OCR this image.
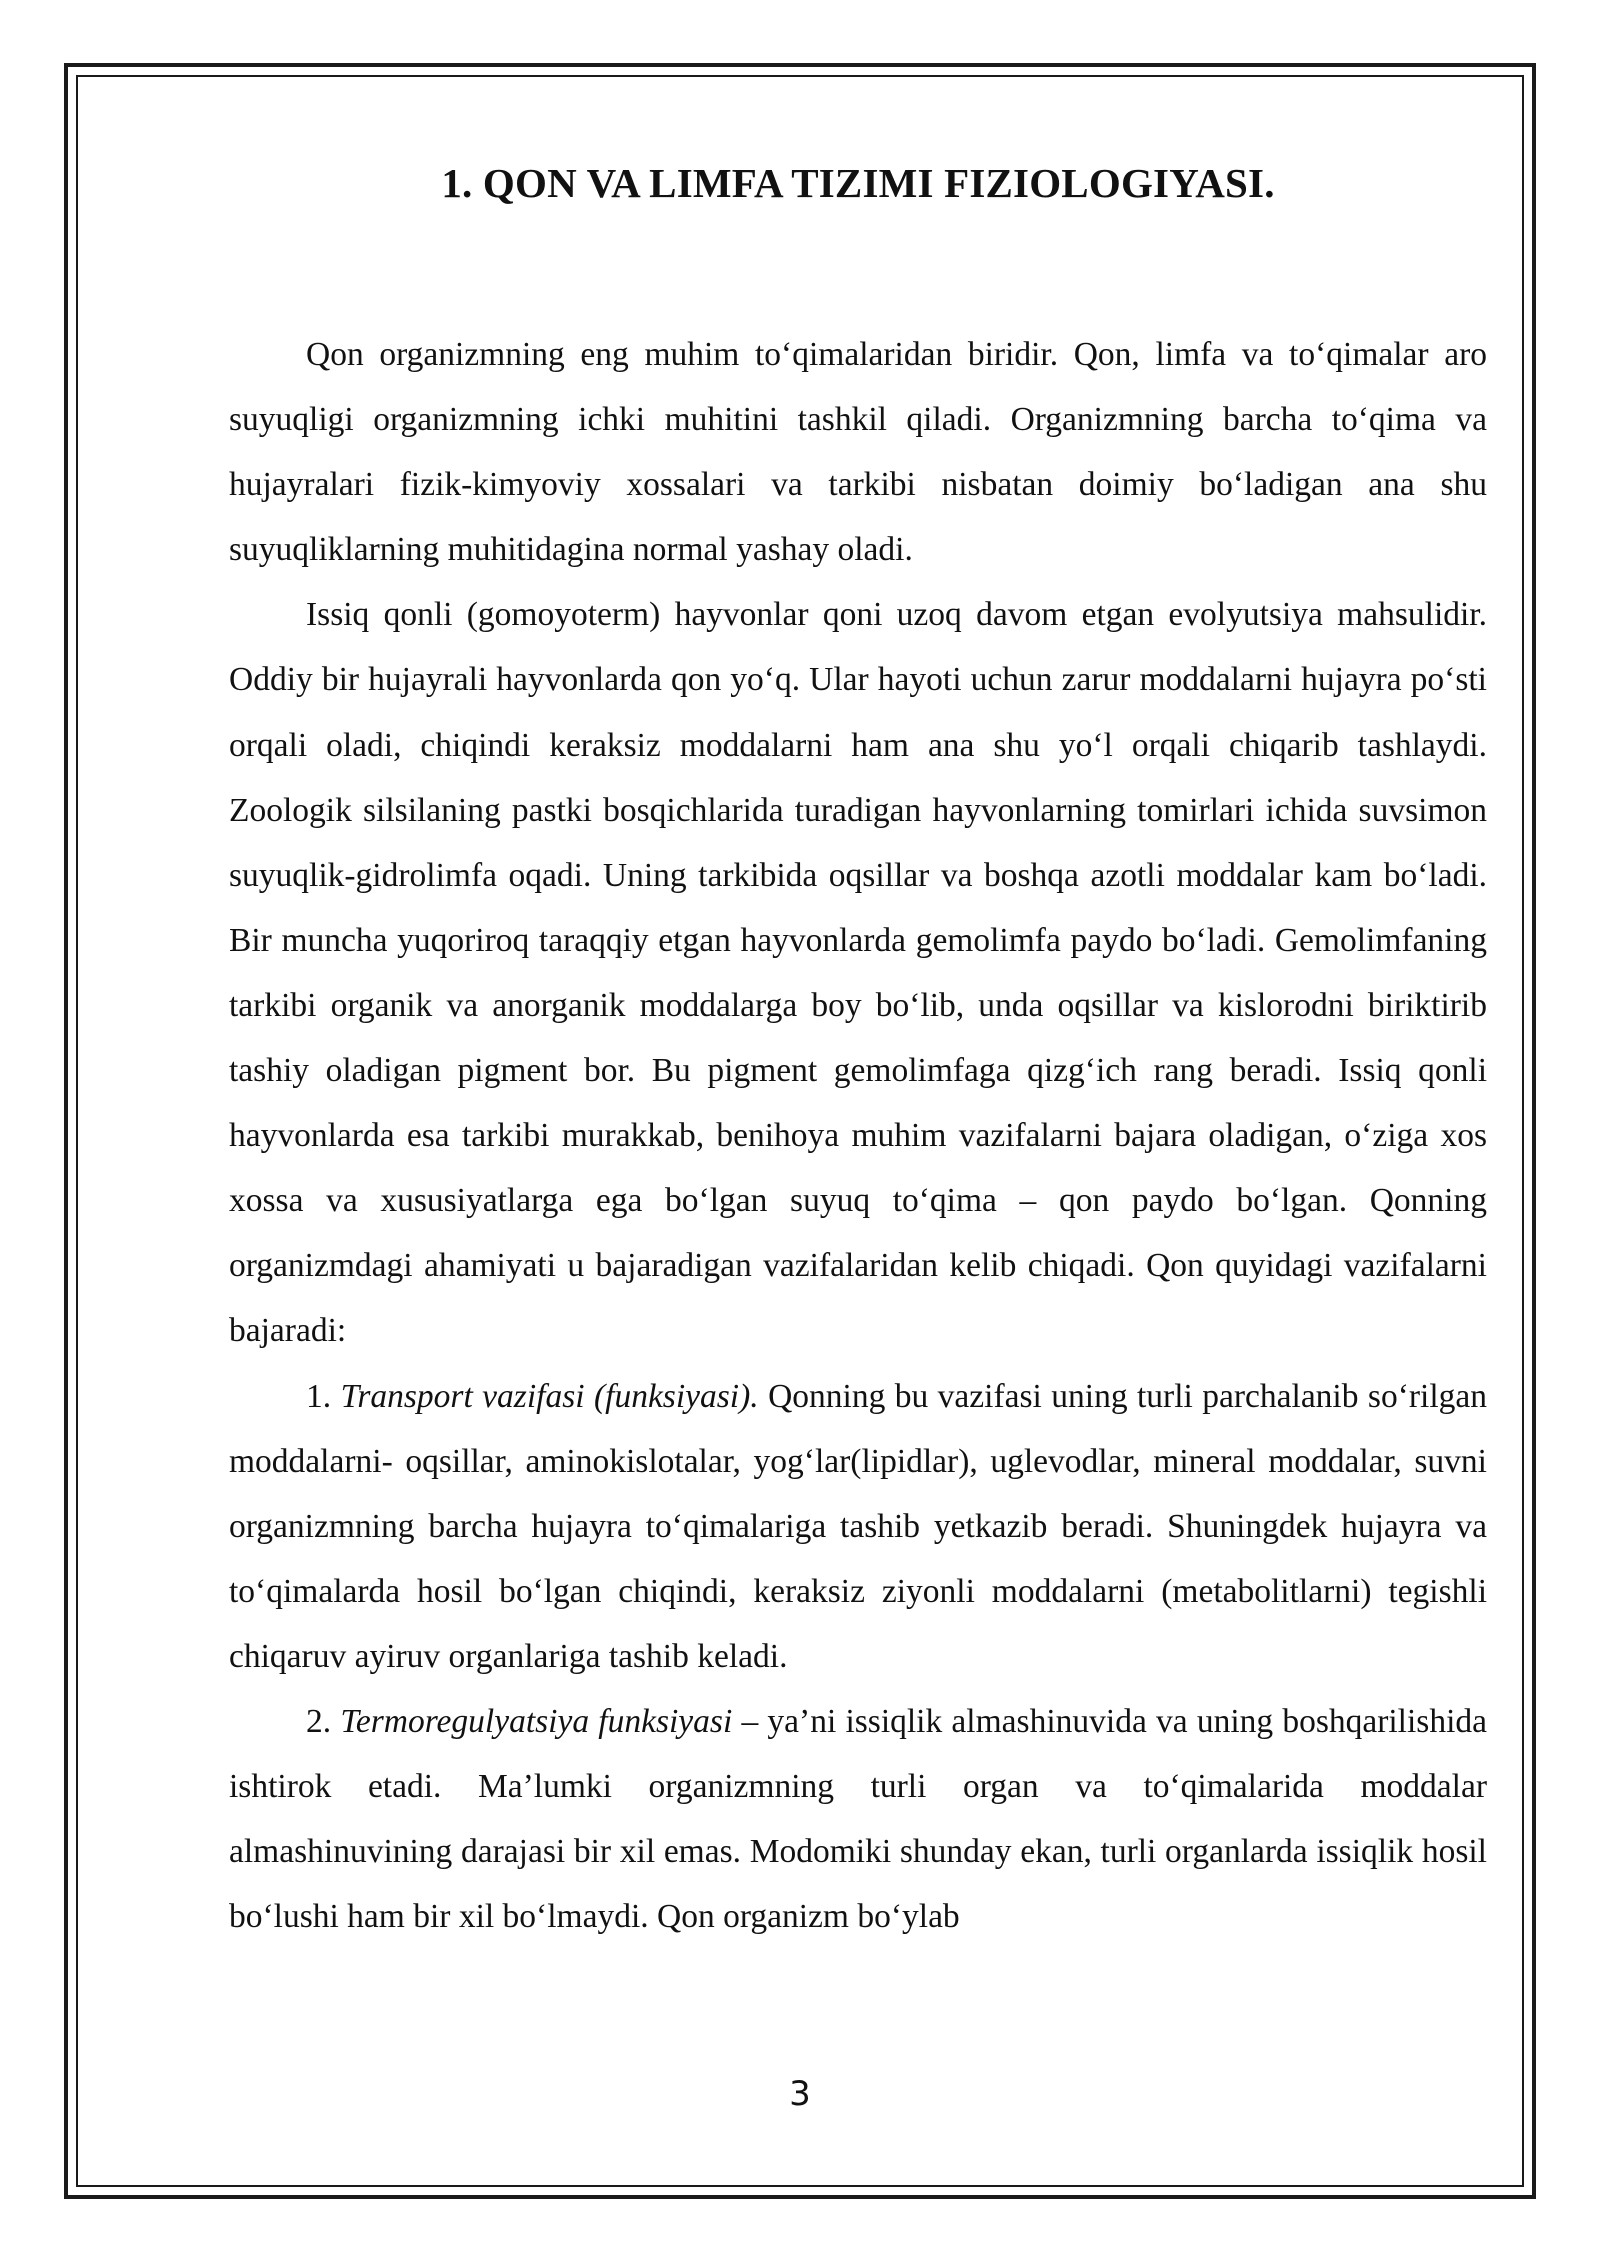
1. QON VA LIMFA TIZIMI FIZIOLOGIYASI.

Qon organizmning eng muhim to‘qimalaridan biridir. Qon, limfa va to‘qimalar aro suyuqligi organizmning ichki muhitini tashkil qiladi. Organizmning barcha to‘qima va hujayralari fizik-kimyoviy xossalari va tarkibi nisbatan doimiy bo‘ladigan ana shu suyuqliklarning muhitidagina normal yashay oladi.

Issiq qonli (gomoyoterm) hayvonlar qoni uzoq davom etgan evolyutsiya mahsulidir. Oddiy bir hujayrali hayvonlarda qon yo‘q. Ular hayoti uchun zarur moddalarni hujayra po‘sti orqali oladi, chiqindi keraksiz moddalarni ham ana shu yo‘l orqali chiqarib tashlaydi. Zoologik silsilaning pastki bosqichlarida turadigan hayvonlarning tomirlari ichida suvsimon suyuqlik-gidrolimfa oqadi. Uning tarkibida oqsillar va boshqa azotli moddalar kam bo‘ladi. Bir muncha yuqoriroq taraqqiy etgan hayvonlarda gemolimfa paydo bo‘ladi. Gemolimfaning tarkibi organik va anorganik moddalarga boy bo‘lib, unda oqsillar va kislorodni biriktirib tashiy oladigan pigment bor. Bu pigment gemolimfaga qizg‘ich rang beradi. Issiq qonli hayvonlarda esa tarkibi murakkab, benihoya muhim vazifalarni bajara oladigan, o‘ziga xos xossa va xususiyatlarga ega bo‘lgan suyuq to‘qima – qon paydo bo‘lgan. Qonning organizmdagi ahamiyati u bajaradigan vazifalaridan kelib chiqadi. Qon quyidagi vazifalarni bajaradi:

1. Transport vazifasi (funksiyasi). Qonning bu vazifasi uning turli parchalanib so‘rilgan moddalarni- oqsillar, aminokislotalar, yog‘lar(lipidlar), uglevodlar, mineral moddalar, suvni organizmning barcha hujayra to‘qimalariga tashib yetkazib beradi. Shuningdek hujayra va to‘qimalarda hosil bo‘lgan chiqindi, keraksiz ziyonli moddalarni (metabolitlarni) tegishli chiqaruv ayiruv organlariga tashib keladi.

2. Termoregulyatsiya funksiyasi – ya’ni issiqlik almashinuvida va uning boshqarilishida ishtirok etadi. Ma’lumki organizmning turli organ va to‘qimalarida moddalar almashinuvining darajasi bir xil emas. Modomiki shunday ekan, turli organlarda issiqlik hosil bo‘lushi ham bir xil bo‘lmaydi. Qon organizm bo‘ylab

3
